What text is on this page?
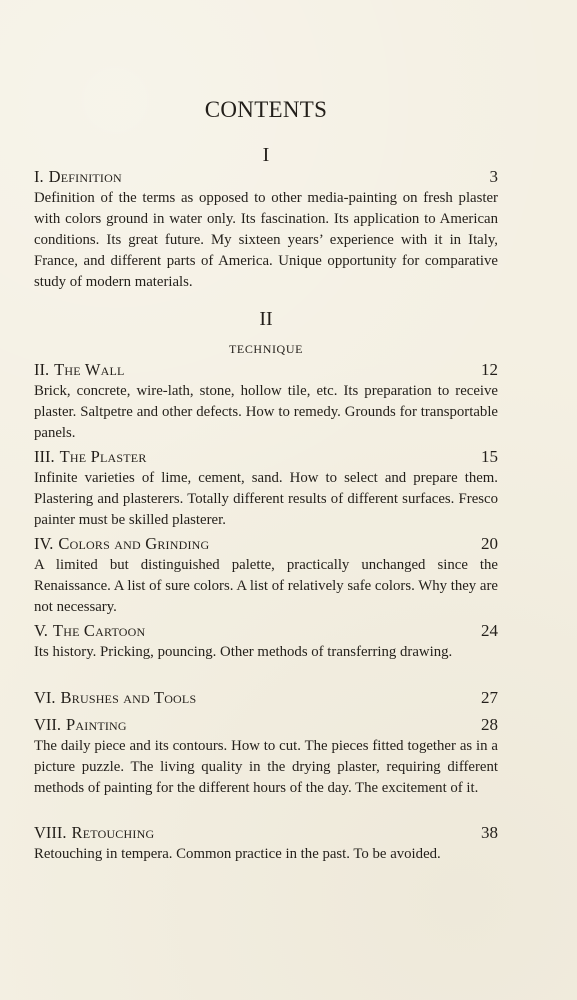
CONTENTS
I
I. Definition	3

Definition of the terms as opposed to other media-painting on fresh plaster with colors ground in water only. Its fascination. Its application to American conditions. Its great future. My sixteen years’ experience with it in Italy, France, and different parts of America. Unique opportunity for comparative study of modern materials.

II
TECHNIQUE
II. The Wall	12

Brick, concrete, wire-lath, stone, hollow tile, etc. Its preparation to receive plaster. Saltpetre and other defects. How to remedy. Grounds for transportable panels.

III. The Plaster	15

Infinite varieties of lime, cement, sand. How to select and prepare them. Plastering and plasterers. Totally different results of different surfaces. Fresco painter must be skilled plasterer.

IV. Colors and Grinding	20

A limited but distinguished palette, practically unchanged since the Renaissance. A list of sure colors. A list of relatively safe colors. Why they are not necessary.

V. The Cartoon	24

Its history. Pricking, pouncing. Other methods of transferring drawing.

VI. Brushes and Tools	27
VII. Painting	28

The daily piece and its contours. How to cut. The pieces fitted together as in a picture puzzle. The living quality in the drying plaster, requiring different methods of painting for the different hours of the day. The excitement of it.

VIII. Retouching	38

Retouching in tempera. Common practice in the past. To be avoided.
